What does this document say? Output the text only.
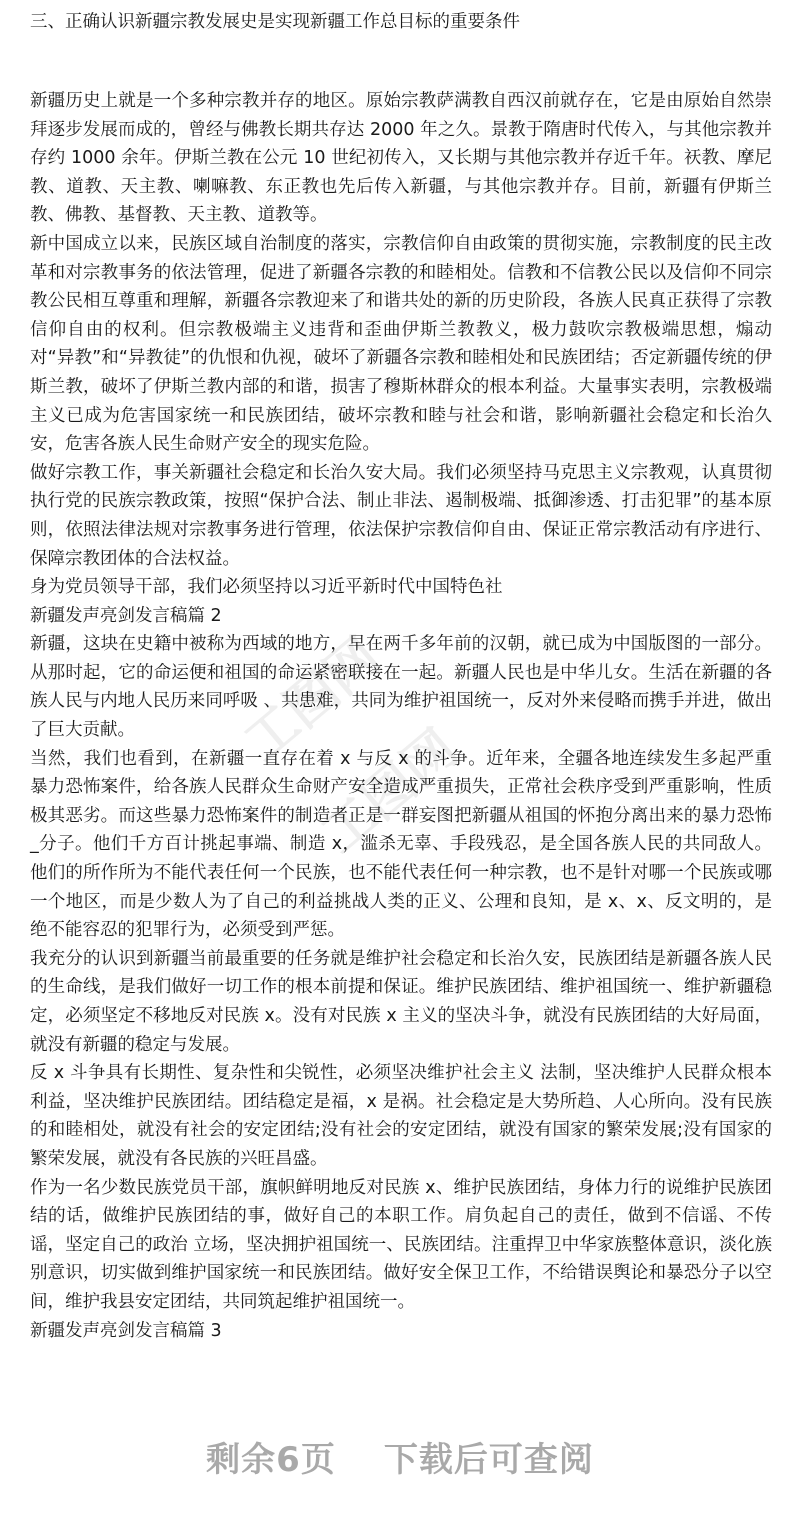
三、正确认识新疆宗教发展史是实现新疆工作总目标的重要条件

新疆历史上就是一个多种宗教并存的地区。原始宗教萨满教自西汉前就存在，它是由原始自然崇拜逐步发展而成的，曾经与佛教长期共存达 2000 年之久。景教于隋唐时代传入，与其他宗教并存约 1000 余年。伊斯兰教在公元 10 世纪初传入，又长期与其他宗教并存近千年。祆教、摩尼教、道教、天主教、喇嘛教、东正教也先后传入新疆，与其他宗教并存。目前，新疆有伊斯兰教、佛教、基督教、天主教、道教等。

新中国成立以来，民族区域自治制度的落实，宗教信仰自由政策的贯彻实施，宗教制度的民主改革和对宗教事务的依法管理，促进了新疆各宗教的和睦相处。信教和不信教公民以及信仰不同宗教公民相互尊重和理解，新疆各宗教迎来了和谐共处的新的历史阶段，各族人民真正获得了宗教信仰自由的权利。但宗教极端主义违背和歪曲伊斯兰教教义，极力鼓吹宗教极端思想，煽动对“异教”和“异教徒”的仇恨和仇视，破坏了新疆各宗教和睦相处和民族团结；否定新疆传统的伊斯兰教，破坏了伊斯兰教内部的和谐，损害了穆斯林群众的根本利益。大量事实表明，宗教极端主义已成为危害国家统一和民族团结，破坏宗教和睦与社会和谐，影响新疆社会稳定和长治久安，危害各族人民生命财产安全的现实危险。

做好宗教工作，事关新疆社会稳定和长治久安大局。我们必须坚持马克思主义宗教观，认真贯彻执行党的民族宗教政策，按照“保护合法、制止非法、遏制极端、抵御渗透、打击犯罪”的基本原则，依照法律法规对宗教事务进行管理，依法保护宗教信仰自由、保证正常宗教活动有序进行、保障宗教团体的合法权益。

身为党员领导干部，我们必须坚持以习近平新时代中国特色社

新疆发声亮剑发言稿篇 2

新疆，这块在史籍中被称为西域的地方，早在两千多年前的汉朝，就已成为中国版图的一部分。从那时起，它的命运便和祖国的命运紧密联接在一起。新疆人民也是中华儿女。生活在新疆的各族人民与内地人民历来同呼吸 、共患难，共同为维护祖国统一，反对外来侵略而携手并进，做出了巨大贡献。

当然，我们也看到，在新疆一直存在着 x 与反 x 的斗争。近年来，全疆各地连续发生多起严重暴力恐怖案件，给各族人民群众生命财产安全造成严重损失，正常社会秩序受到严重影响，性质极其恶劣。而这些暴力恐怖案件的制造者正是一群妄图把新疆从祖国的怀抱分离出来的暴力恐怖_分子。他们千方百计挑起事端、制造 x，滥杀无辜、手段残忍，是全国各族人民的共同敌人。他们的所作所为不能代表任何一个民族，也不能代表任何一种宗教，也不是针对哪一个民族或哪一个地区，而是少数人为了自己的利益挑战人类的正义、公理和良知，是 x、x、反文明的，是绝不能容忍的犯罪行为，必须受到严惩。

我充分的认识到新疆当前最重要的任务就是维护社会稳定和长治久安，民族团结是新疆各族人民的生命线，是我们做好一切工作的根本前提和保证。维护民族团结、维护祖国统一、维护新疆稳定，必须坚定不移地反对民族 x。没有对民族 x 主义的坚决斗争，就没有民族团结的大好局面，就没有新疆的稳定与发展。

反 x 斗争具有长期性、复杂性和尖锐性，必须坚决维护社会主义 法制，坚决维护人民群众根本利益，坚决维护民族团结。团结稳定是福，x 是祸。社会稳定是大势所趋、人心所向。没有民族的和睦相处，就没有社会的安定团结;没有社会的安定团结，就没有国家的繁荣发展;没有国家的繁荣发展，就没有各民族的兴旺昌盛。

作为一名少数民族党员干部，旗帜鲜明地反对民族 x、维护民族团结，身体力行的说维护民族团结的话，做维护民族团结的事，做好自己的本职工作。肩负起自己的责任，做到不信谣、不传谣，坚定自己的政治 立场，坚决拥护祖国统一、民族团结。注重捍卫中华家族整体意识，淡化族别意识，切实做到维护国家统一和民族团结。做好安全保卫工作，不给错误舆论和暴恐分子以空间，维护我县安定团结，共同筑起维护祖国统一。

新疆发声亮剑发言稿篇 3

工图网
工图网
剩余6页 下载后可查阅
